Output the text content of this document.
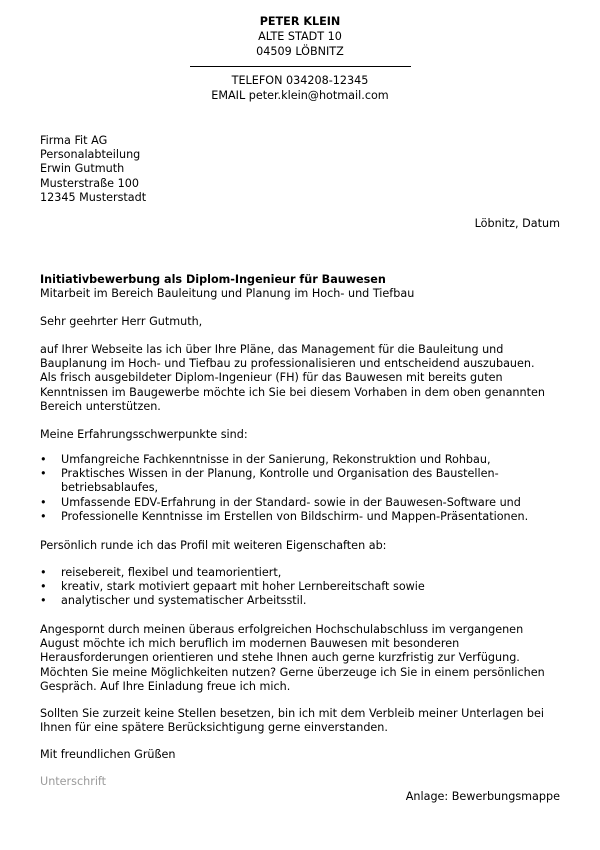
PETER KLEIN
ALTE STADT 10
04509 LÖBNITZ
TELEFON 034208-12345
EMAIL peter.klein@hotmail.com
Firma Fit AG
Personalabteilung
Erwin Gutmuth
Musterstraße 100
12345 Musterstadt
Löbnitz, Datum
Initiativbewerbung als Diplom-Ingenieur für Bauwesen
Mitarbeit im Bereich Bauleitung und Planung im Hoch- und Tiefbau
Sehr geehrter Herr Gutmuth,
auf Ihrer Webseite las ich über Ihre Pläne, das Management für die Bauleitung und
Bauplanung im Hoch- und Tiefbau zu professionalisieren und entscheidend auszubauen.
Als frisch ausgebildeter Diplom-Ingenieur (FH) für das Bauwesen mit bereits guten
Kenntnissen im Baugewerbe möchte ich Sie bei diesem Vorhaben in dem oben genannten
Bereich unterstützen.
Meine Erfahrungsschwerpunkte sind:
• Umfangreiche Fachkenntnisse in der Sanierung, Rekonstruktion und Rohbau,
• Praktisches Wissen in der Planung, Kontrolle und Organisation des Baustellen-
betriebsablaufes,
• Umfassende EDV-Erfahrung in der Standard- sowie in der Bauwesen-Software und
• Professionelle Kenntnisse im Erstellen von Bildschirm- und Mappen-Präsentationen.
Persönlich runde ich das Profil mit weiteren Eigenschaften ab:
• reisebereit, flexibel und teamorientiert,
• kreativ, stark motiviert gepaart mit hoher Lernbereitschaft sowie
• analytischer und systematischer Arbeitsstil.
Angespornt durch meinen überaus erfolgreichen Hochschulabschluss im vergangenen
August möchte ich mich beruflich im modernen Bauwesen mit besonderen
Herausforderungen orientieren und stehe Ihnen auch gerne kurzfristig zur Verfügung.
Möchten Sie meine Möglichkeiten nutzen? Gerne überzeuge ich Sie in einem persönlichen
Gespräch. Auf Ihre Einladung freue ich mich.
Sollten Sie zurzeit keine Stellen besetzen, bin ich mit dem Verbleib meiner Unterlagen bei
Ihnen für eine spätere Berücksichtigung gerne einverstanden.
Mit freundlichen Grüßen
Unterschrift
Anlage: Bewerbungsmappe
